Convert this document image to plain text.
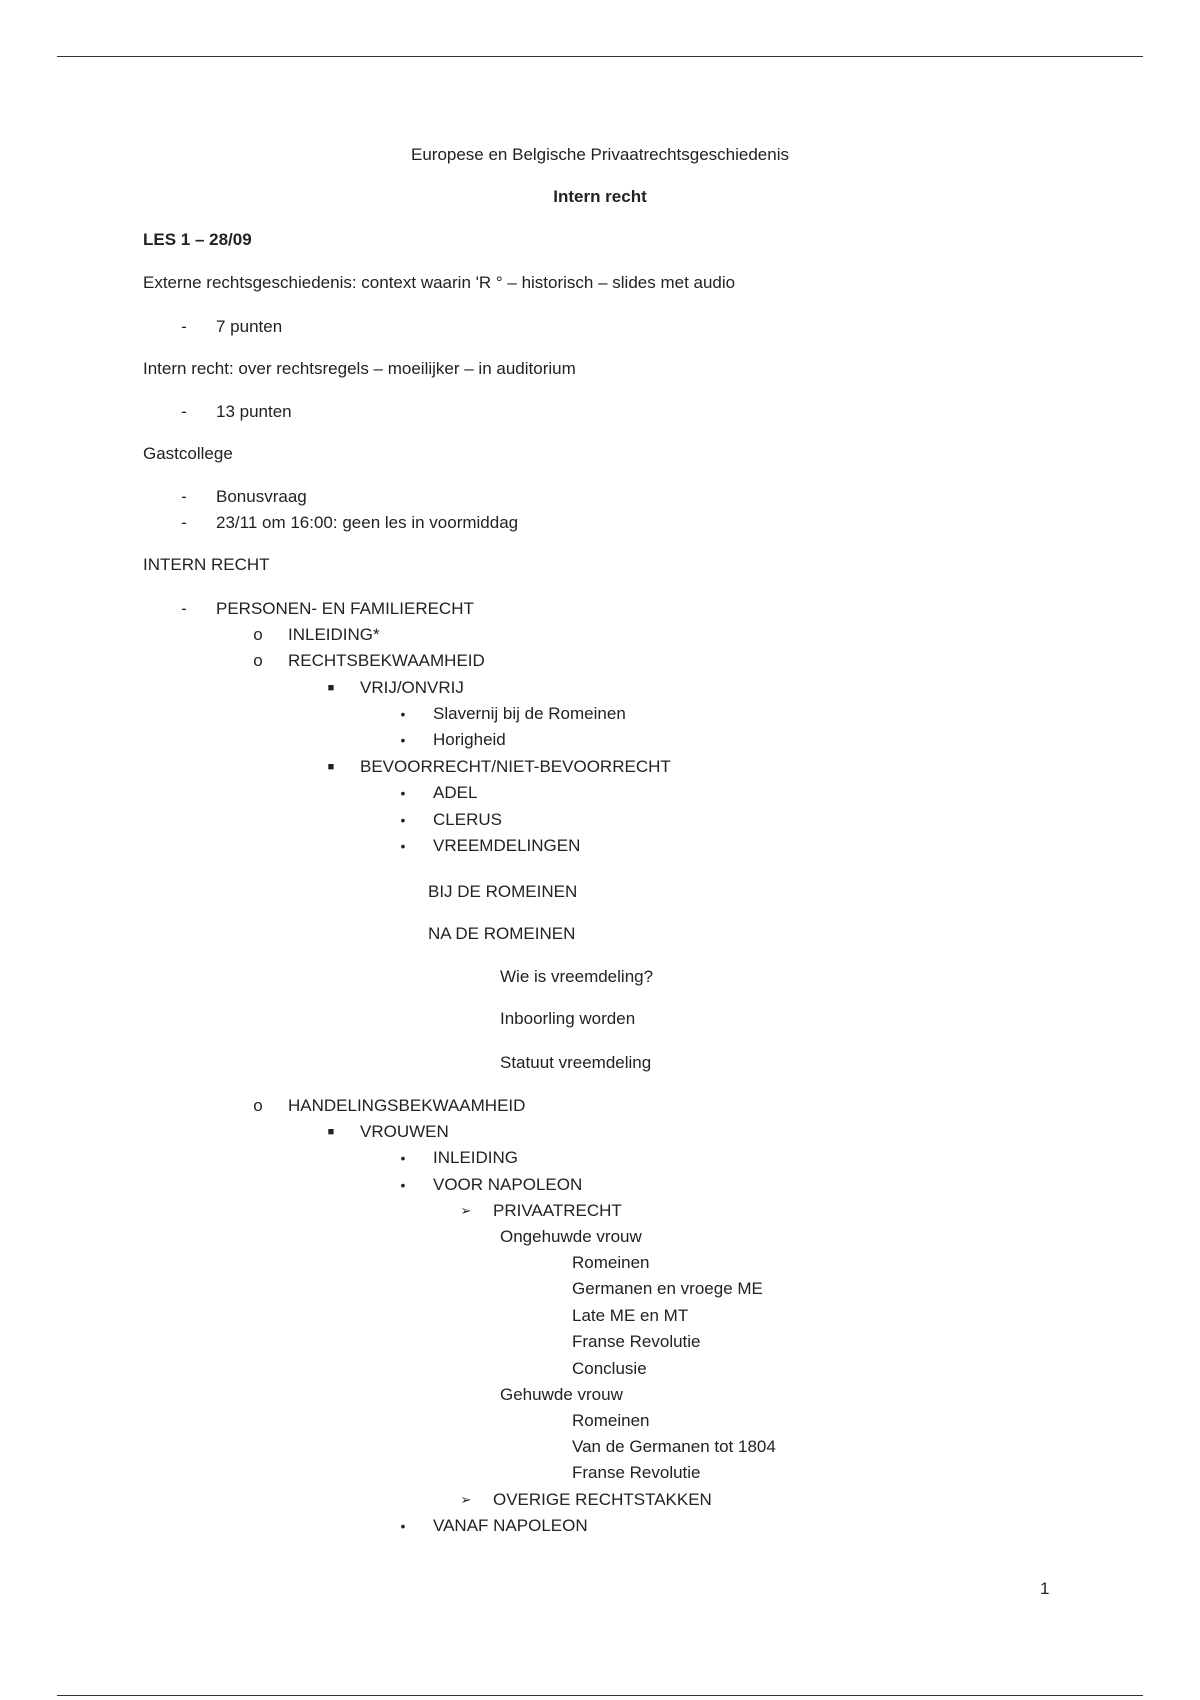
Europese en Belgische Privaatrechtsgeschiedenis
Intern recht
LES 1 – 28/09
Externe rechtsgeschiedenis: context waarin 'R ° – historisch – slides met audio
-	7 punten
Intern recht: over rechtsregels – moeilijker – in auditorium
-	13 punten
Gastcollege
-	Bonusvraag
-	23/11 om 16:00: geen les in voormiddag
INTERN RECHT
-	PERSONEN- EN FAMILIERECHT
o INLEIDING*
o RECHTSBEKWAAMHEID
■ VRIJ/ONVRIJ
•	Slavernij bij de Romeinen
•	Horigheid
■ BEVOORRECHT/NIET-BEVOORRECHT
•	ADEL
•	CLERUS
•	VREEMDELINGEN
BIJ DE ROMEINEN
NA DE ROMEINEN
Wie is vreemdeling?
Inboorling worden
Statuut vreemdeling
o HANDELINGSBEKWAAMHEID
■ VROUWEN
•	INLEIDING
•	VOOR NAPOLEON
➢ PRIVAATRECHT
Ongehuwde vrouw
Romeinen
Germanen en vroege ME
Late ME en MT
Franse Revolutie
Conclusie
Gehuwde vrouw
Romeinen
Van de Germanen tot 1804
Franse Revolutie
➢ OVERIGE RECHTSTAKKEN
•	VANAF NAPOLEON
1
